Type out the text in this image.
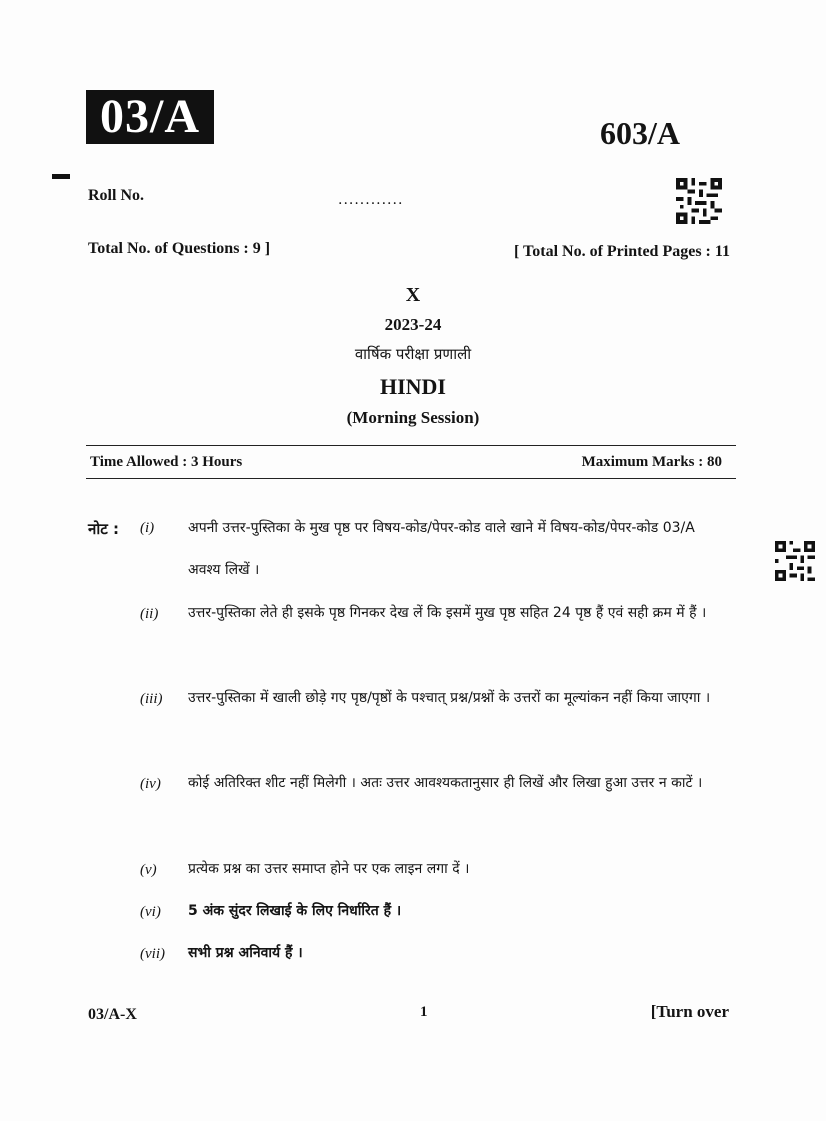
03/A	603/A
Roll No.	............
Total No. of Questions : 9 ]	[ Total No. of Printed Pages : 11
X
2023-24
वार्षिक परीक्षा प्रणाली
HINDI
(Morning Session)
Time Allowed : 3 Hours	Maximum Marks : 80
नोट : (i)	अपनी उत्तर-पुस्तिका के मुख पृष्ठ पर विषय-कोड/पेपर-कोड वाले खाने में विषय-कोड/पेपर-कोड 03/A अवश्य लिखें ।
(ii)	उत्तर-पुस्तिका लेते ही इसके पृष्ठ गिनकर देख लें कि इसमें मुख पृष्ठ सहित 24 पृष्ठ हैं एवं सही क्रम में हैं ।
(iii)	उत्तर-पुस्तिका में खाली छोड़े गए पृष्ठ/पृष्ठों के पश्चात् प्रश्न/प्रश्नों के उत्तरों का मूल्यांकन नहीं किया जाएगा ।
(iv)	कोई अतिरिक्त शीट नहीं मिलेगी । अतः उत्तर आवश्यकतानुसार ही लिखें और लिखा हुआ उत्तर न काटें ।
(v)	प्रत्येक प्रश्न का उत्तर समाप्त होने पर एक लाइन लगा दें ।
(vi)	5 अंक सुंदर लिखाई के लिए निर्धारित हैं ।
(vii)	सभी प्रश्न अनिवार्य हैं ।
03/A-X	1	[Turn over
